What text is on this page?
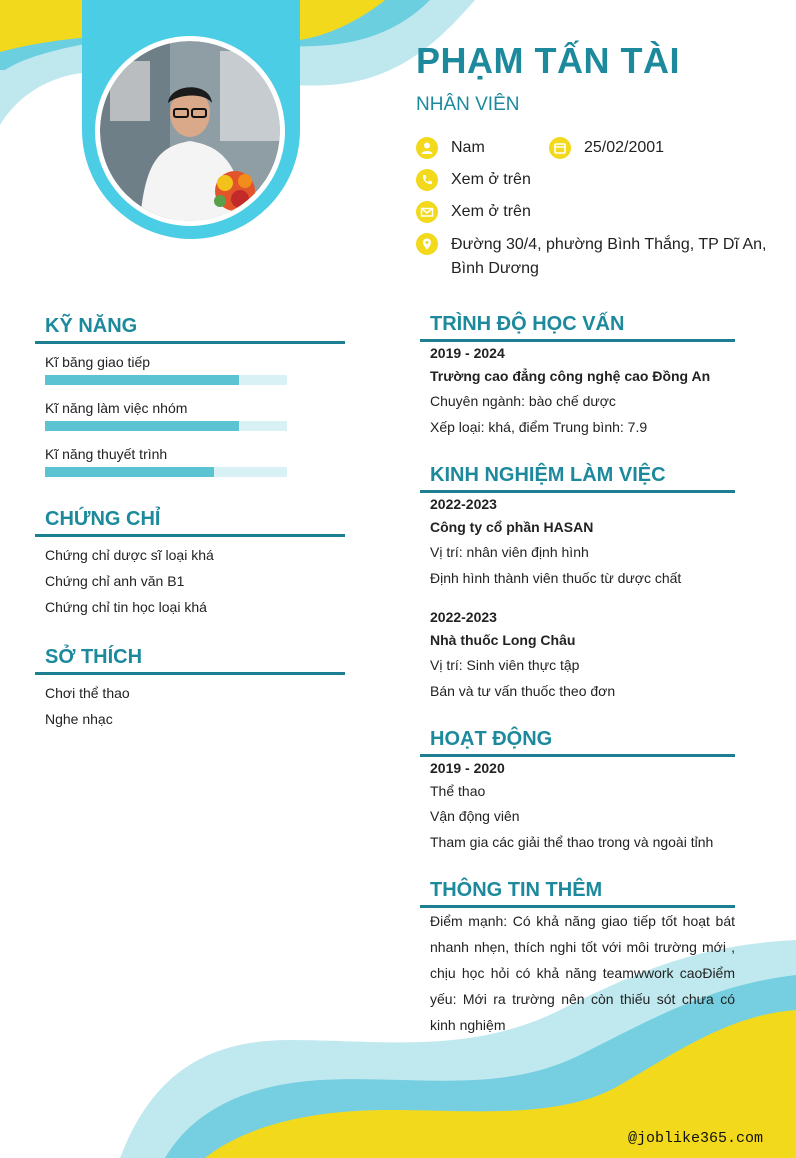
PHẠM TẤN TÀI
NHÂN VIÊN
Nam	25/02/2001
Xem ở trên
Xem ở trên
Đường 30/4, phường Bình Thắng, TP Dĩ An,
Bình Dương
KỸ NĂNG
Kĩ băng giao tiếp
Kĩ năng làm việc nhóm
Kĩ năng thuyết trình
CHỨNG CHỈ
Chứng chỉ dược sĩ loại khá
Chứng chỉ anh văn B1
Chứng chỉ tin học loại khá
SỞ THÍCH
Chơi thể thao
Nghe nhạc
TRÌNH ĐỘ HỌC VẤN
2019 - 2024
Trường cao đẳng công nghệ cao Đồng An
Chuyên ngành: bào chế dược
Xếp loại: khá, điểm Trung bình: 7.9
KINH NGHIỆM LÀM VIỆC
2022-2023
Công ty cổ phần HASAN
Vị trí: nhân viên định hình
Định hình thành viên thuốc từ dược chất
2022-2023
Nhà thuốc Long Châu
Vị trí: Sinh viên thực tập
Bán và tư vấn thuốc theo đơn
HOẠT ĐỘNG
2019 - 2020
Thể thao
Vận động viên
Tham gia các giải thể thao trong và ngoài tỉnh
THÔNG TIN THÊM
Điểm mạnh: Có khả năng giao tiếp tốt hoạt bát nhanh nhẹn, thích nghi tốt với môi trường mới , chịu học hỏi có khả năng teamwwork caoĐiểm yếu: Mới ra trường nên còn thiếu sót chưa có kinh nghiệm
@joblike365.com
